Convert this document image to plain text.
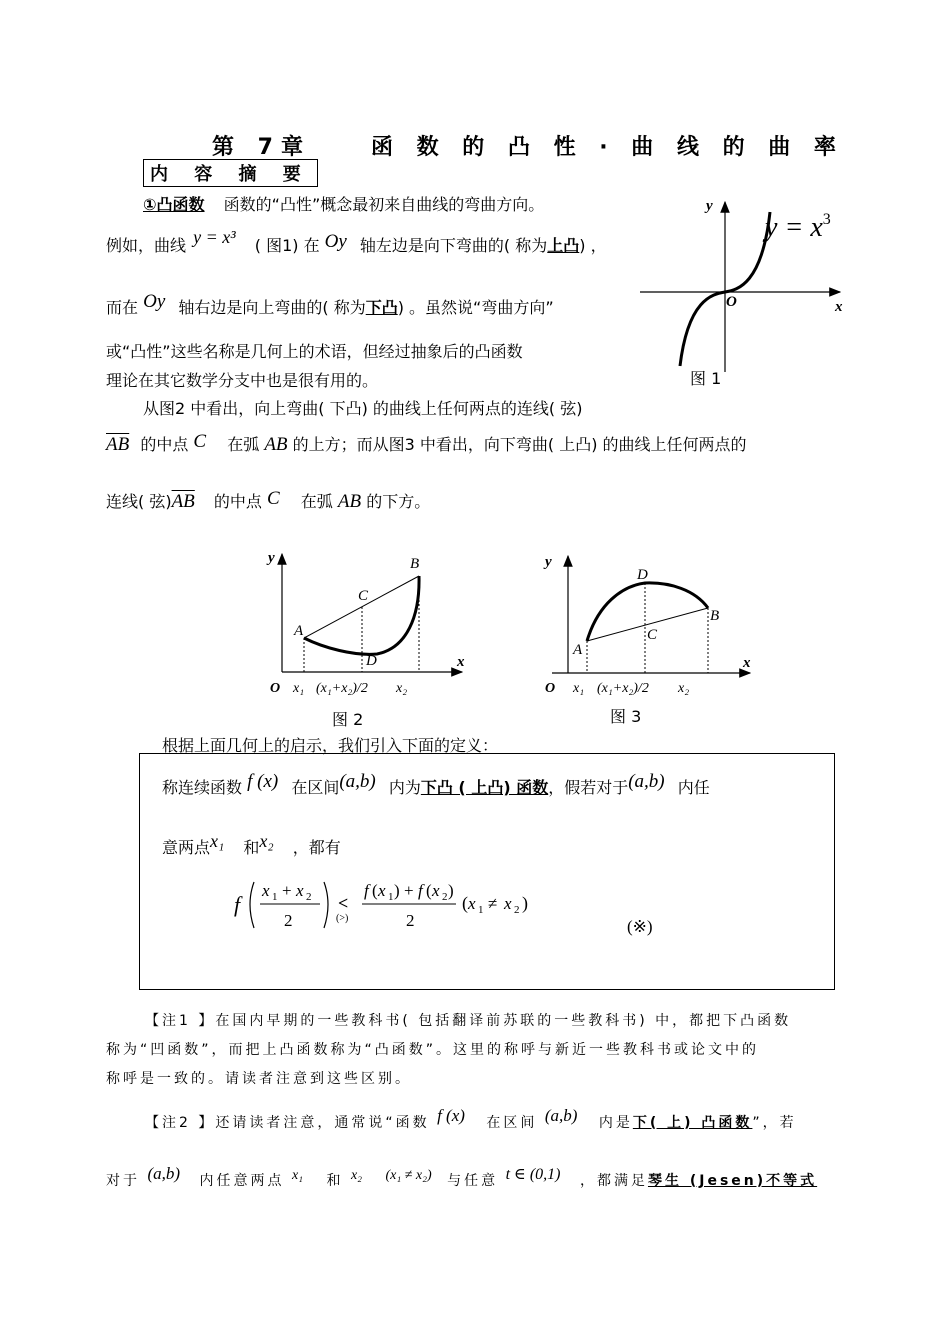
第 7章　　函 数 的 凸 性 · 曲 线 的 曲 率
内 容 摘 要
①凸函数 函数的“凸性”概念最初来自曲线的弯曲方向。
例如，曲线 y = x³ ( 图1) 在 Oy 轴左边是向下弯曲的( 称为上凸) ，
而在 Oy 轴右边是向上弯曲的( 称为下凸) 。虽然说“弯曲方向”
或“凸性”这些名称是几何上的术语，但经过抽象后的凸函数
理论在其它数学分支中也是很有用的。
从图2 中看出，向上弯曲( 下凸) 的曲线上任何两点的连线( 弦)
$\overline{AB}$ 的中点 C 在弧 AB 的上方；而从图3 中看出，向下弯曲( 上凸) 的曲线上任何两点的
连线( 弦)$\overline{AB}$ 的中点 C 在弧 AB 的下方。
y
x
O
$y = x^3$
图 1
y
x
A
B
C
D
O x₁ (x₁+x₂)/2 x₂
图 2
y
x
A
B
C
D
O x₁ (x₁+x₂)/2 x₂
图 3
根据上面几何上的启示，我们引入下面的定义：
称连续函数 f (x) 在区间(a,b) 内为下凸 ( 上凸) 函数，假若对于(a,b) 内任
意两点x₁ 和x₂ ，都有
f
x 1 + x 2
2
<
(>)
f ( x 1 ) + f ( x 2 )
2
( x 1 ≠ x 2 )
(※)
【注1 】在国内早期的一些教科书( 包括翻译前苏联的一些教科书) 中，都把下凸函数
称为“凹函数”，而把上凸函数称为“凸函数”。这里的称呼与新近一些教科书或论文中的
称呼是一致的。请读者注意到这些区别。
【注2 】还请读者注意，通常说“函数 f (x) 在区间 (a,b) 内是下( 上) 凸函数”，若
对于 (a,b) 内任意两点 x₁ 和 x₂ (x₁ ≠ x₂) 与任意 t ∈ (0,1) ，都满足琴生 (Jesen)不等式
